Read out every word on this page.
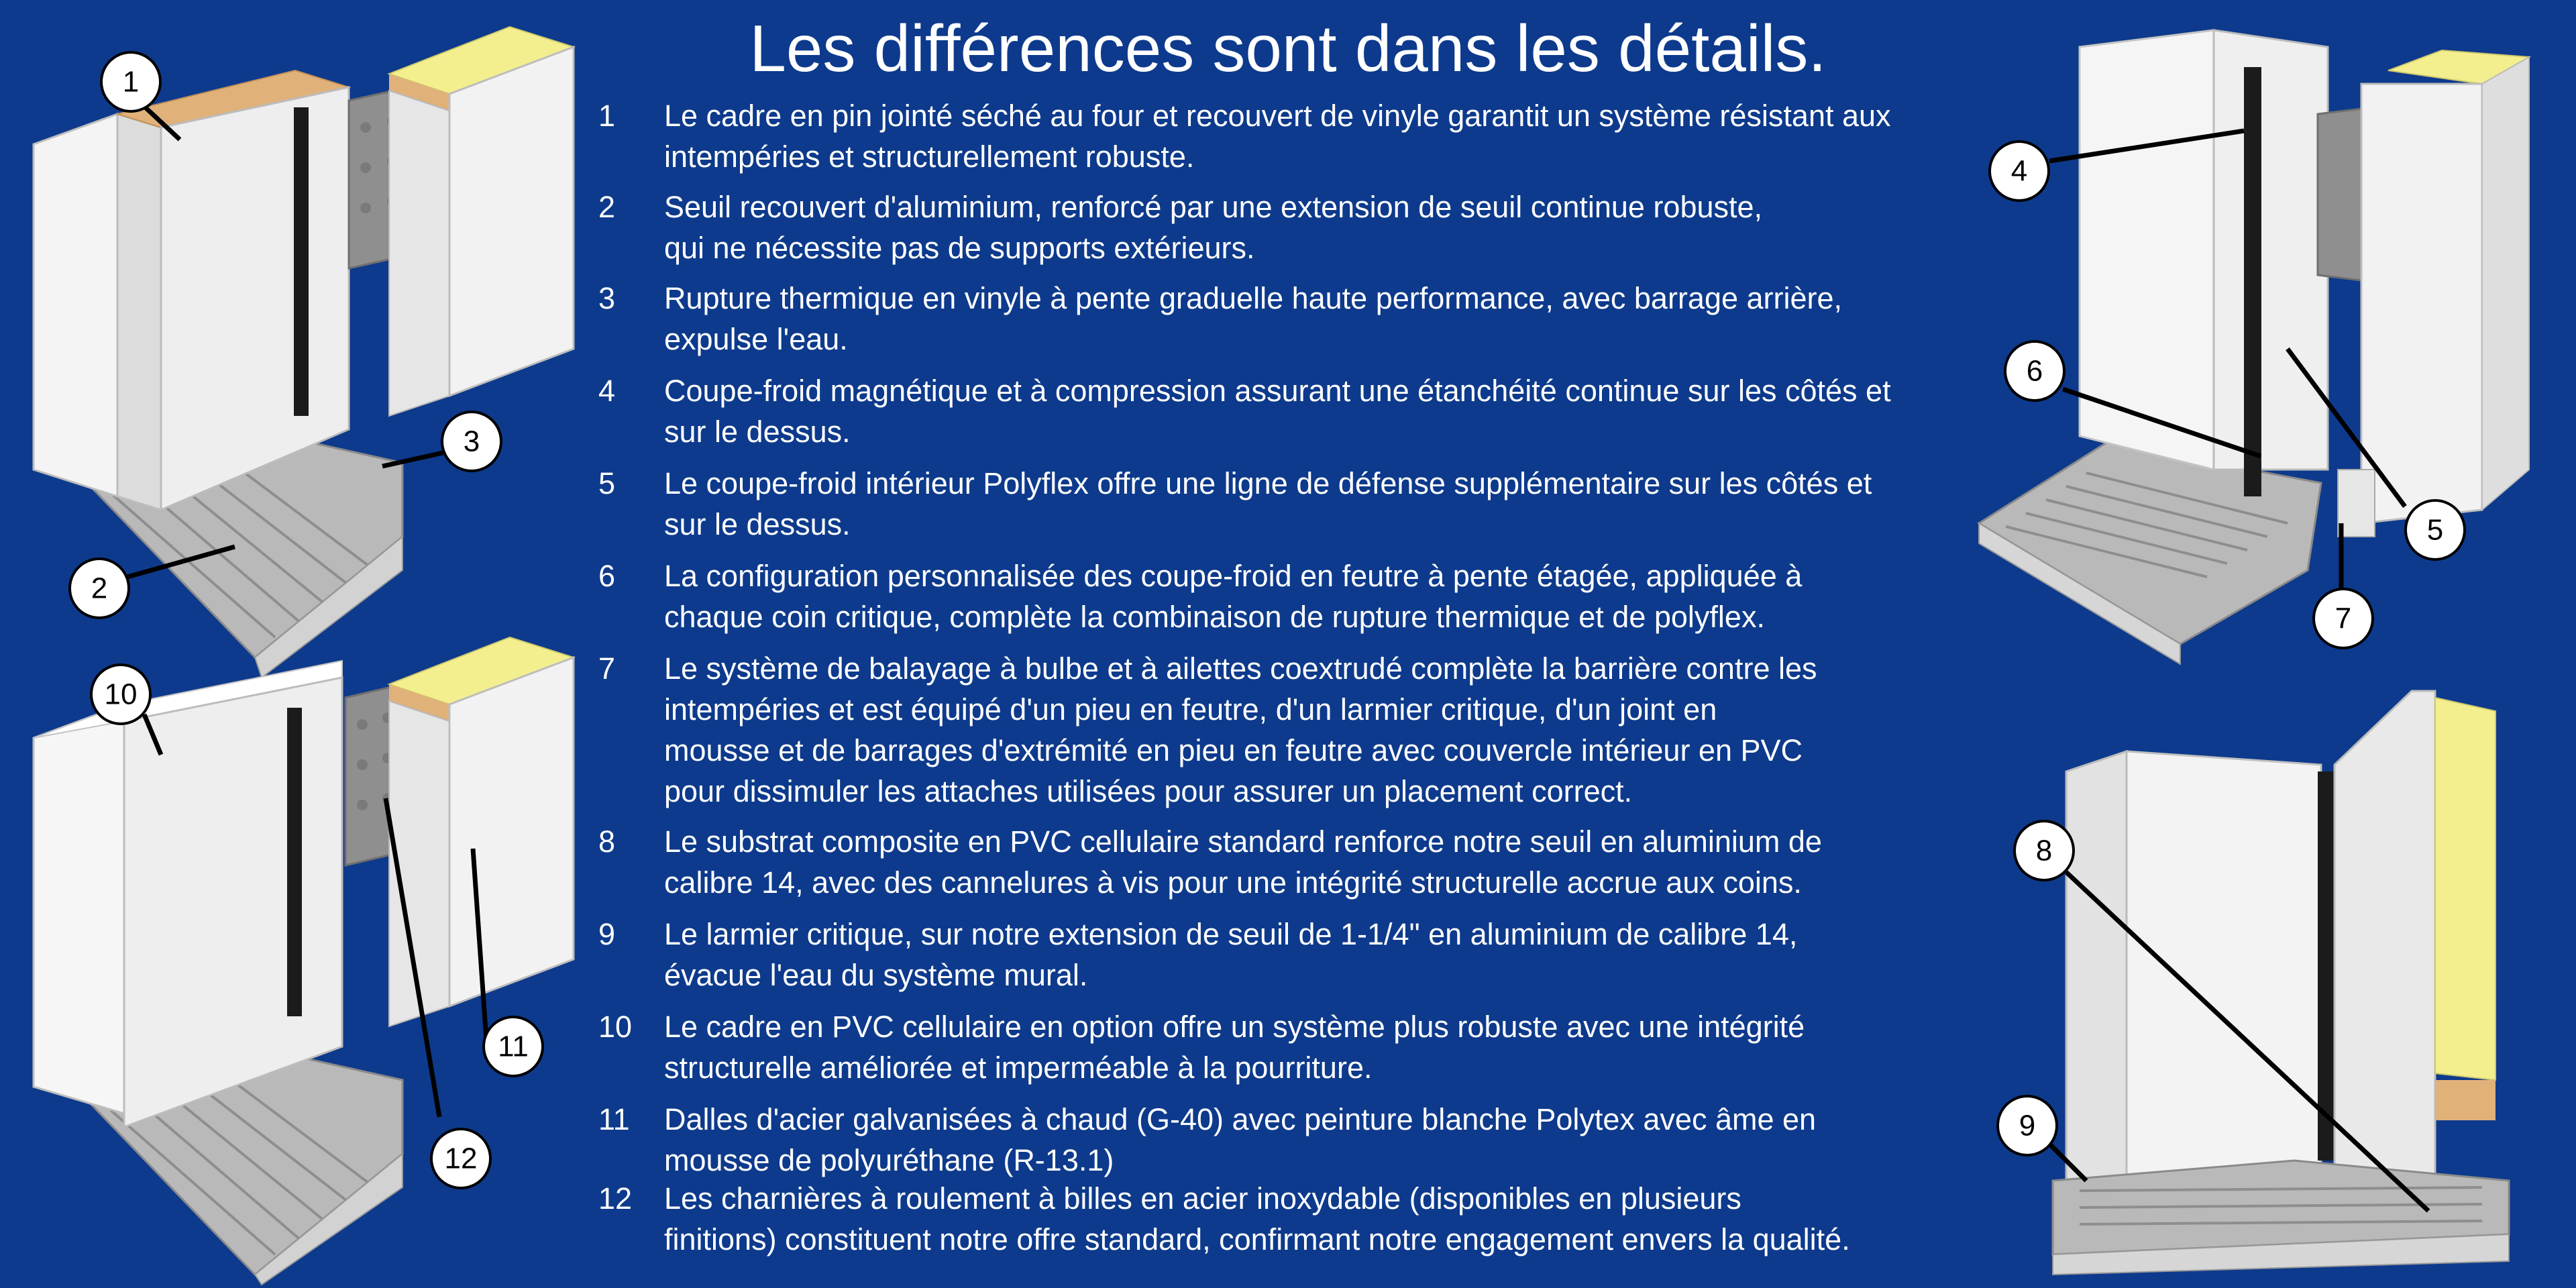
Les différences sont dans les détails.
1	Le cadre en pin jointé séché au four et recouvert de vinyle garantit un système résistant aux
intempéries et structurellement robuste.
2	Seuil recouvert d'aluminium, renforcé par une extension de seuil continue robuste,
qui ne nécessite pas de supports extérieurs.
3	Rupture thermique en vinyle à pente graduelle haute performance, avec barrage arrière,
expulse l'eau.
4	Coupe-froid magnétique et à compression assurant une étanchéité continue sur les côtés et
sur le dessus.
5	Le coupe-froid intérieur Polyflex offre une ligne de défense supplémentaire sur les côtés et
sur le dessus.
6	La configuration personnalisée des coupe-froid en feutre à pente étagée, appliquée à
chaque coin critique, complète la combinaison de rupture thermique et de polyflex.
7	Le système de balayage à bulbe et à ailettes coextrudé complète la barrière contre les
intempéries et est équipé d'un pieu en feutre, d'un larmier critique, d'un joint en
mousse et de barrages d'extrémité en pieu en feutre avec couvercle intérieur en PVC
pour dissimuler les attaches utilisées pour assurer un placement correct.
8	Le substrat composite en PVC cellulaire standard renforce notre seuil en aluminium de
calibre 14, avec des cannelures à vis pour une intégrité structurelle accrue aux coins.
9	Le larmier critique, sur notre extension de seuil de 1-1/4" en aluminium de calibre 14,
évacue l'eau du système mural.
10	Le cadre en PVC cellulaire en option offre un système plus robuste avec une intégrité
structurelle améliorée et imperméable à la pourriture.
11	Dalles d'acier galvanisées à chaud (G-40) avec peinture blanche Polytex avec âme en
mousse de polyuréthane (R-13.1)
12	Les charnières à roulement à billes en acier inoxydable (disponibles en plusieurs
finitions) constituent notre offre standard, confirmant notre engagement envers la qualité.
1
2
3
4
5
6
7
8
9
10
11
12
